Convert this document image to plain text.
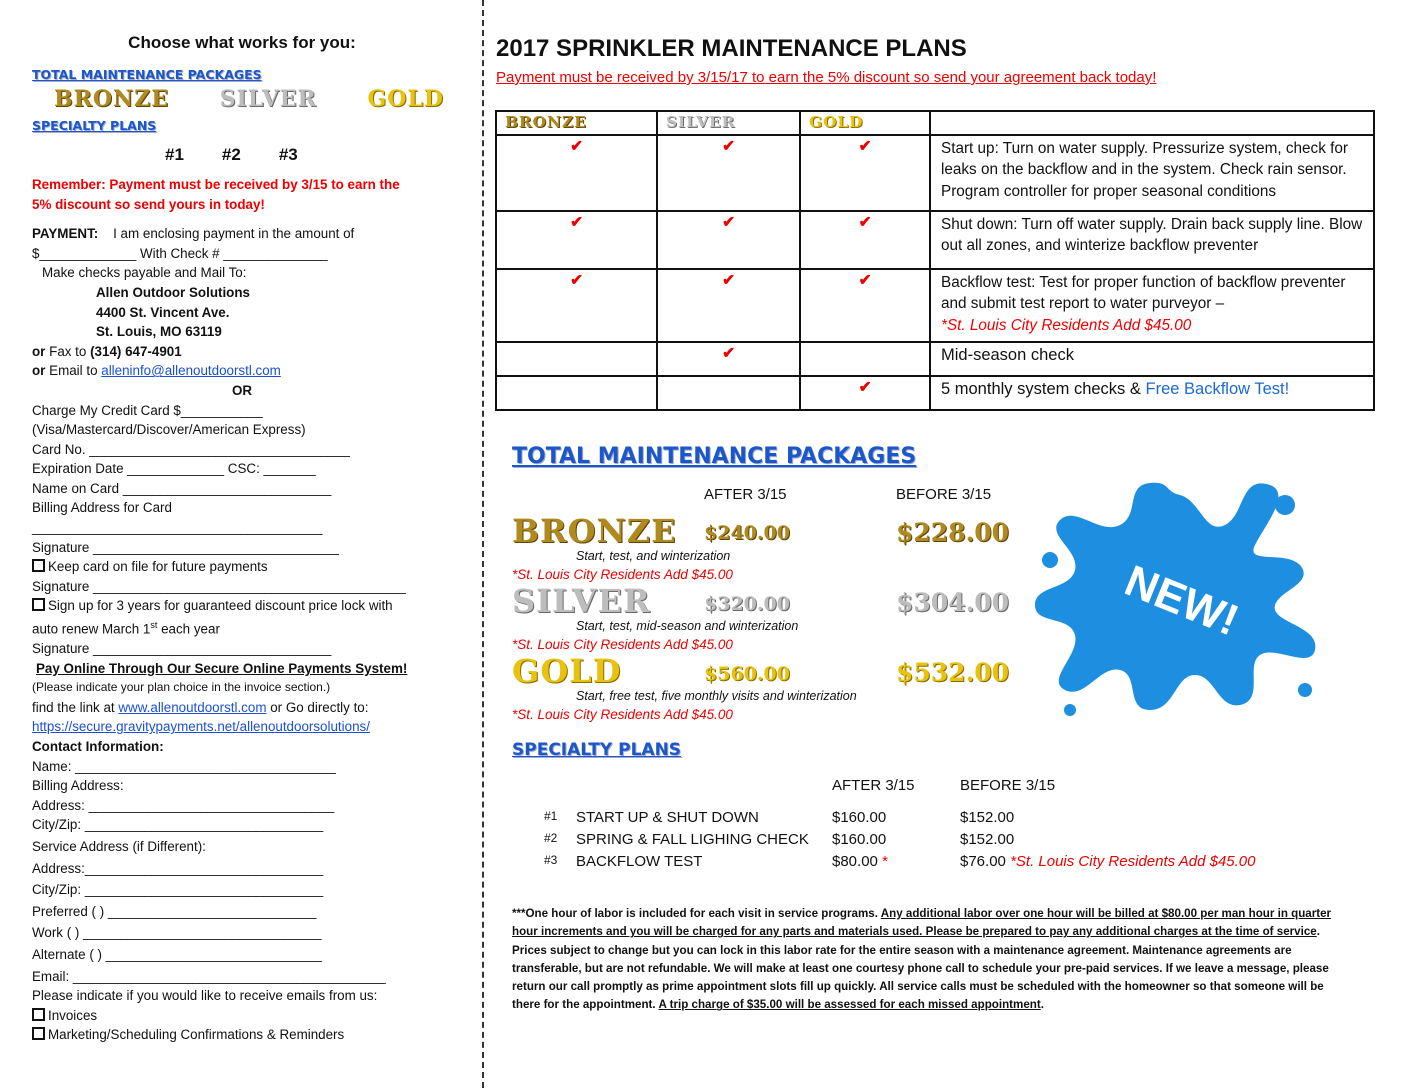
Choose what works for you:
TOTAL MAINTENANCE PACKAGES
BRONZE SILVER GOLD
SPECIALTY PLANS
#1 #2 #3
Remember: Payment must be received by 3/15 to earn the
5% discount so send yours in today!
PAYMENT: I am enclosing payment in the amount of
$_____________ With Check # ______________
Make checks payable and Mail To:
Allen Outdoor Solutions
4400 St. Vincent Ave.
St. Louis, MO 63119
or Fax to (314) 647-4901
or Email to alleninfo@allenoutdoorstl.com
OR
Charge My Credit Card $___________
(Visa/Mastercard/Discover/American Express)
Card No. ___________________________________
Expiration Date _____________ CSC: _______
Name on Card ____________________________
Billing Address for Card
_______________________________________
Signature _________________________________
Keep card on file for future payments
Signature __________________________________________
Sign up for 3 years for guaranteed discount price lock with
auto renew March 1st each year
Signature ________________________________
Pay Online Through Our Secure Online Payments System!
(Please indicate your plan choice in the invoice section.)
find the link at www.allenoutdoorstl.com or Go directly to:
https://secure.gravitypayments.net/allenoutdoorsolutions/
Contact Information:
Name: ___________________________________
Billing Address:
Address: _________________________________
City/Zip: ________________________________
Service Address (if Different):
Address:________________________________
City/Zip: ________________________________
Preferred ( ) ____________________________
Work ( ) ________________________________
Alternate ( ) _____________________________
Email: __________________________________________
Please indicate if you would like to receive emails from us:
Invoices
Marketing/Scheduling Confirmations & Reminders
2017 SPRINKLER MAINTENANCE PLANS
Payment must be received by 3/15/17 to earn the 5% discount so send your agreement back today!
BRONZE	SILVER	GOLD	
✔	✔	✔	Start up: Turn on water supply. Pressurize system, check for leaks on the backflow and in the system. Check rain sensor. Program controller for proper seasonal conditions
✔	✔	✔	Shut down: Turn off water supply. Drain back supply line. Blow out all zones, and winterize backflow preventer
✔	✔	✔	Backflow test: Test for proper function of backflow preventer and submit test report to water purveyor –
*St. Louis City Residents Add $45.00
	✔		Mid-season check
		✔	5 monthly system checks & Free Backflow Test!
TOTAL MAINTENANCE PACKAGES
AFTER 3/15	BEFORE 3/15
BRONZE $240.00	$228.00
Start, test, and winterization
*St. Louis City Residents Add $45.00
SILVER	$320.00	$304.00
Start, test, mid-season and winterization
*St. Louis City Residents Add $45.00
GOLD	$560.00	$532.00
Start, free test, five monthly visits and winterization
*St. Louis City Residents Add $45.00
NEW!
SPECIALTY PLANS
AFTER 3/15	BEFORE 3/15
#1 START UP & SHUT DOWN	$160.00	$152.00
#2 SPRING & FALL LIGHING CHECK $160.00	$152.00
#3 BACKFLOW TEST	$80.00 *	$76.00 *St. Louis City Residents Add $45.00
***One hour of labor is included for each visit in service programs. Any additional labor over one hour will be billed at $80.00 per man hour in quarter hour increments and you will be charged for any parts and materials used. Please be prepared to pay any additional charges at the time of service. Prices subject to change but you can lock in this labor rate for the entire season with a maintenance agreement. Maintenance agreements are transferable, but are not refundable. We will make at least one courtesy phone call to schedule your pre-paid services. If we leave a message, please return our call promptly as prime appointment slots fill up quickly. All service calls must be scheduled with the homeowner so that someone will be there for the appointment. A trip charge of $35.00 will be assessed for each missed appointment.
